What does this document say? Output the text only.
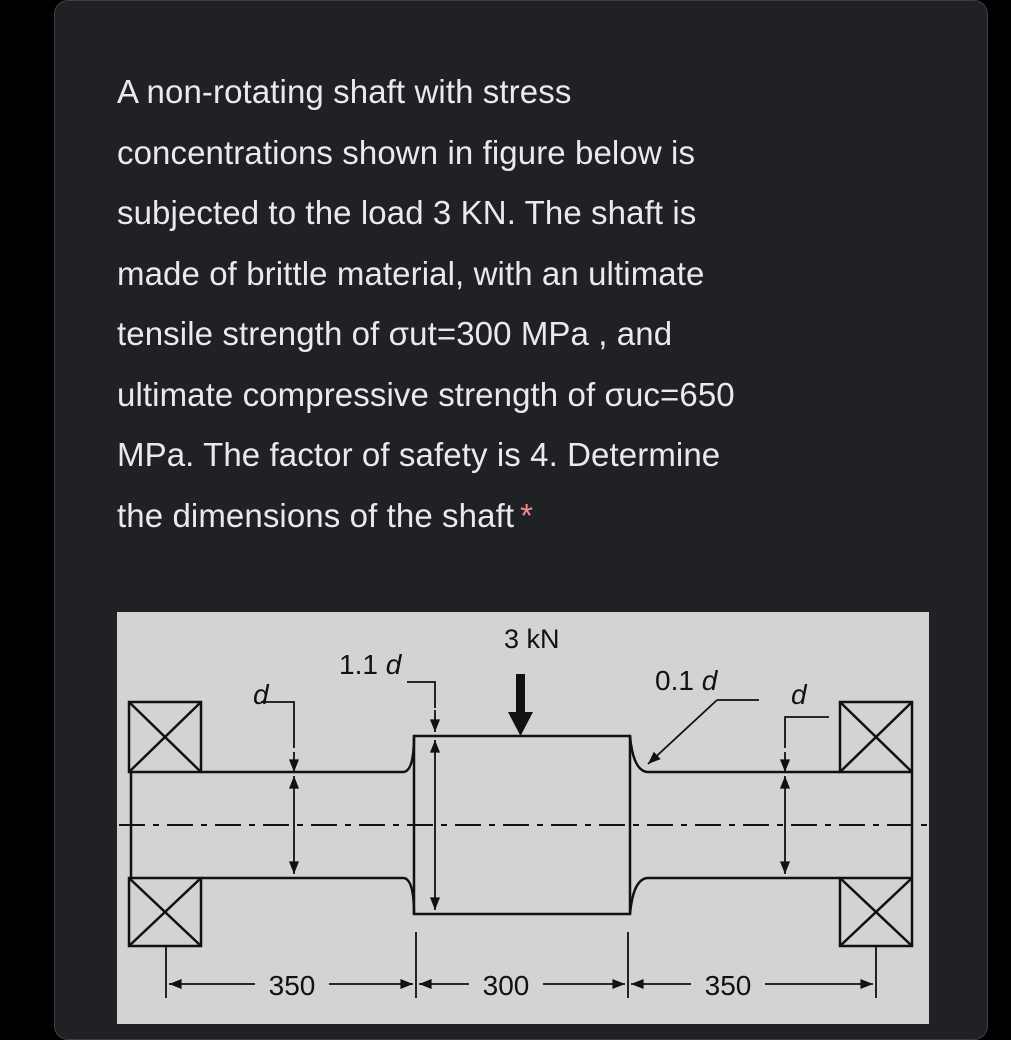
A non-rotating shaft with stress
concentrations shown in figure below is
subjected to the load 3 KN. The shaft is
made of brittle material, with an ultimate
tensile strength of σut=300 MPa , and
ultimate compressive strength of σuc=650
MPa. The factor of safety is 4. Determine
the dimensions of the shaft *
3 kN
d
1.1 d
0.1 d	d
350	300	350
